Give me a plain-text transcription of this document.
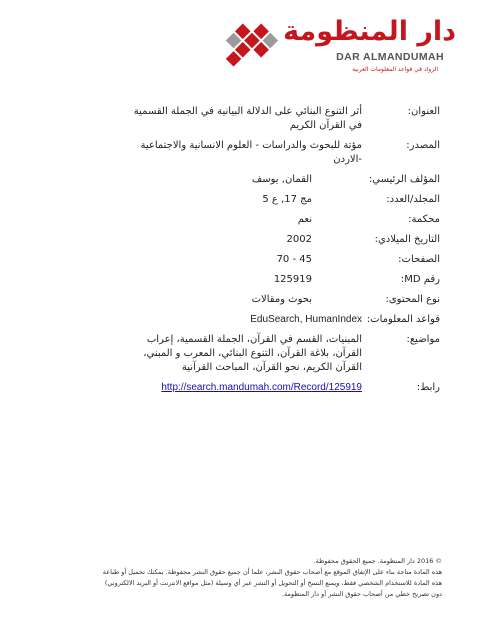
دار المنظومة
DAR ALMANDUMAH
الرواد في قواعد المعلومات العربية
العنوان:
أثر التنوع البنائي على الدلالة البيانية في الجملة القسمية في القرآن الكريم
المصدر:
مؤتة للبحوث والدراسات - العلوم الانسانية والاجتماعية -الاردن
المؤلف الرئيسي:
القمان, يوسف
المجلد/العدد:
مج 17, ع 5
محكمة:
نعم
التاريخ الميلادي:
2002
الصفحات:
45 - 70
رقم MD:
125919
نوع المحتوى:
بحوث ومقالات
قواعد المعلومات:
EduSearch, HumanIndex
مواضيع:
المبنيات، القسم في القرآن، الجملة القسمية، إعراب القرآن، بلاغة القرآن، التنوع البنائي، المعرب و المبني، القرآن الكريم، نحو القرآن، المباحث القرآنية
رابط:
http://search.mandumah.com/Record/125919

© 2016 دار المنظومة. جميع الحقوق محفوظة.

هذه المادة متاحة بناء على الإتفاق الموقع مع أصحاب حقوق النشر، علما أن جميع حقوق النشر محفوظة. يمكنك تحميل أو طباعة

هذه المادة للاستخدام الشخصي فقط، ويمنع النسخ أو التحويل أو النشر عبر أي وسيلة (مثل مواقع الانترنت أو البريد الالكتروني)

دون تصريح خطي من أصحاب حقوق النشر أو دار المنظومة.
